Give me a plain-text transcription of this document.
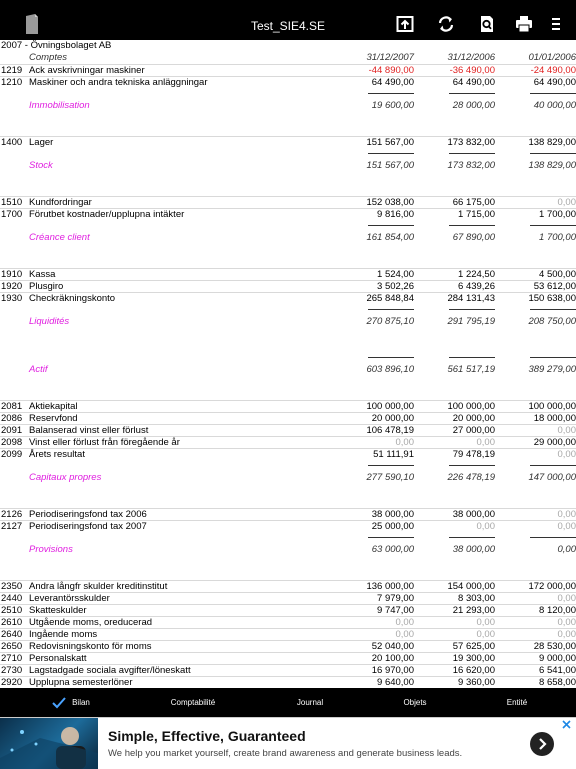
Test_SIE4.SE
2007 - Övningsbolaget AB
Comptes	31/12/2007	31/12/2006	01/01/2006
1219 Ack avskrivningar maskiner	-44 890,00	-36 490,00	-24 490,00
1210 Maskiner och andra tekniska anläggningar	64 490,00	64 490,00	64 490,00
Immobilisation	19 600,00	28 000,00	40 000,00
1400 Lager	151 567,00	173 832,00	138 829,00
Stock	151 567,00	173 832,00	138 829,00
1510 Kundfordringar	152 038,00	66 175,00	0,00
1700 Förutbet kostnader/upplupna intäkter	9 816,00	1 715,00	1 700,00
Créance client	161 854,00	67 890,00	1 700,00
1910 Kassa	1 524,00	1 224,50	4 500,00
1920 Plusgiro	3 502,26	6 439,26	53 612,00
1930 Checkräkningskonto	265 848,84	284 131,43	150 638,00
Liquidités	270 875,10	291 795,19	208 750,00
Actif	603 896,10	561 517,19	389 279,00
2081 Aktiekapital	100 000,00	100 000,00	100 000,00
2086 Reservfond	20 000,00	20 000,00	18 000,00
2091 Balanserad vinst eller förlust	106 478,19	27 000,00	0,00
2098 Vinst eller förlust från föregående år	0,00	0,00	29 000,00
2099 Årets resultat	51 111,91	79 478,19	0,00
Capitaux propres	277 590,10	226 478,19	147 000,00
2126 Periodiseringsfond tax 2006	38 000,00	38 000,00	0,00
2127 Periodiseringsfond tax 2007	25 000,00	0,00	0,00
Provisions	63 000,00	38 000,00	0,00
2350 Andra långfr skulder kreditinstitut	136 000,00	154 000,00	172 000,00
2440 Leverantörsskulder	7 979,00	8 303,00	0,00
2510 Skatteskulder	9 747,00	21 293,00	8 120,00
2610 Utgående moms, oreducerad	0,00	0,00	0,00
2640 Ingående moms	0,00	0,00	0,00
2650 Redovisningskonto för moms	52 040,00	57 625,00	28 530,00
2710 Personalskatt	20 100,00	19 300,00	9 000,00
2730 Lagstadgade sociala avgifter/löneskatt	16 970,00	16 620,00	6 541,00
2920 Upplupna semesterlöner	9 640,00	9 360,00	8 658,00
Bilan	Comptabilité	Journal	Objets	Entité
Simple, Effective, Guaranteed
We help you market yourself, create brand awareness and generate business leads.
